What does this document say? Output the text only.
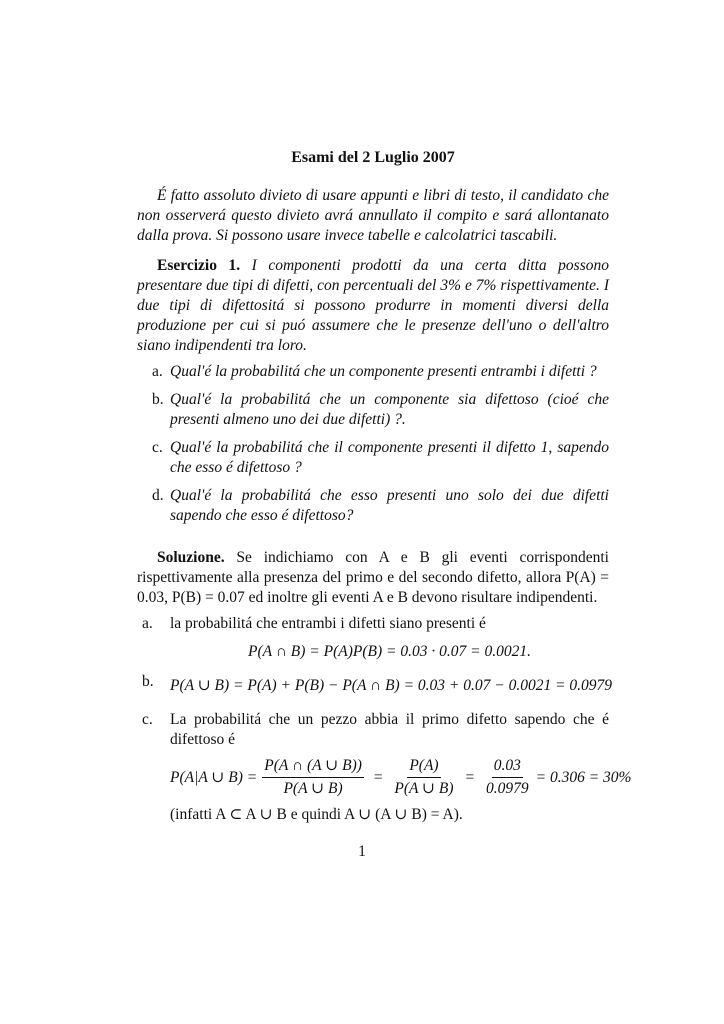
Esami del 2 Luglio 2007

É fatto assoluto divieto di usare appunti e libri di testo, il candidato che non osserverá questo divieto avrá annullato il compito e sará allontanato dalla prova. Si possono usare invece tabelle e calcolatrici tascabili.

Esercizio 1. I componenti prodotti da una certa ditta possono presentare due tipi di difetti, con percentuali del 3% e 7% rispettivamente. I due tipi di difettositá si possono produrre in momenti diversi della produzione per cui si puó assumere che le presenze dell'uno o dell'altro siano indipendenti tra loro.

a. Qual'é la probabilitá che un componente presenti entrambi i difetti ?
b. Qual'é la probabilitá che un componente sia difettoso (cioé che presenti almeno uno dei due difetti) ?.
c. Qual'é la probabilitá che il componente presenti il difetto 1, sapendo che esso é difettoso ?
d. Qual'é la probabilitá che esso presenti uno solo dei due difetti sapendo che esso é difettoso?

Soluzione. Se indichiamo con A e B gli eventi corrispondenti rispettivamente alla presenza del primo e del secondo difetto, allora P(A) = 0.03, P(B) = 0.07 ed inoltre gli eventi A e B devono risultare indipendenti.

a. la probabilitá che entrambi i difetti siano presenti é
P(A ∩ B) = P(A)P(B) = 0.03 · 0.07 = 0.0021.
b. P(A ∪ B) = P(A) + P(B) − P(A ∩ B) = 0.03 + 0.07 − 0.0021 = 0.0979
c. La probabilitá che un pezzo abbia il primo difetto sapendo che é difettoso é
P(A|A ∪ $B) = \frac{P(A \cap (A \cup B))}{P(A \cup B)} = \frac{P(A)}{P(A \cup B)} = \frac{0.03}{0.0979} = 0.306 = 30\%$

(infatti A ⊂ A ∪ B e quindi A ∪ (A ∪ B) = A).

1
